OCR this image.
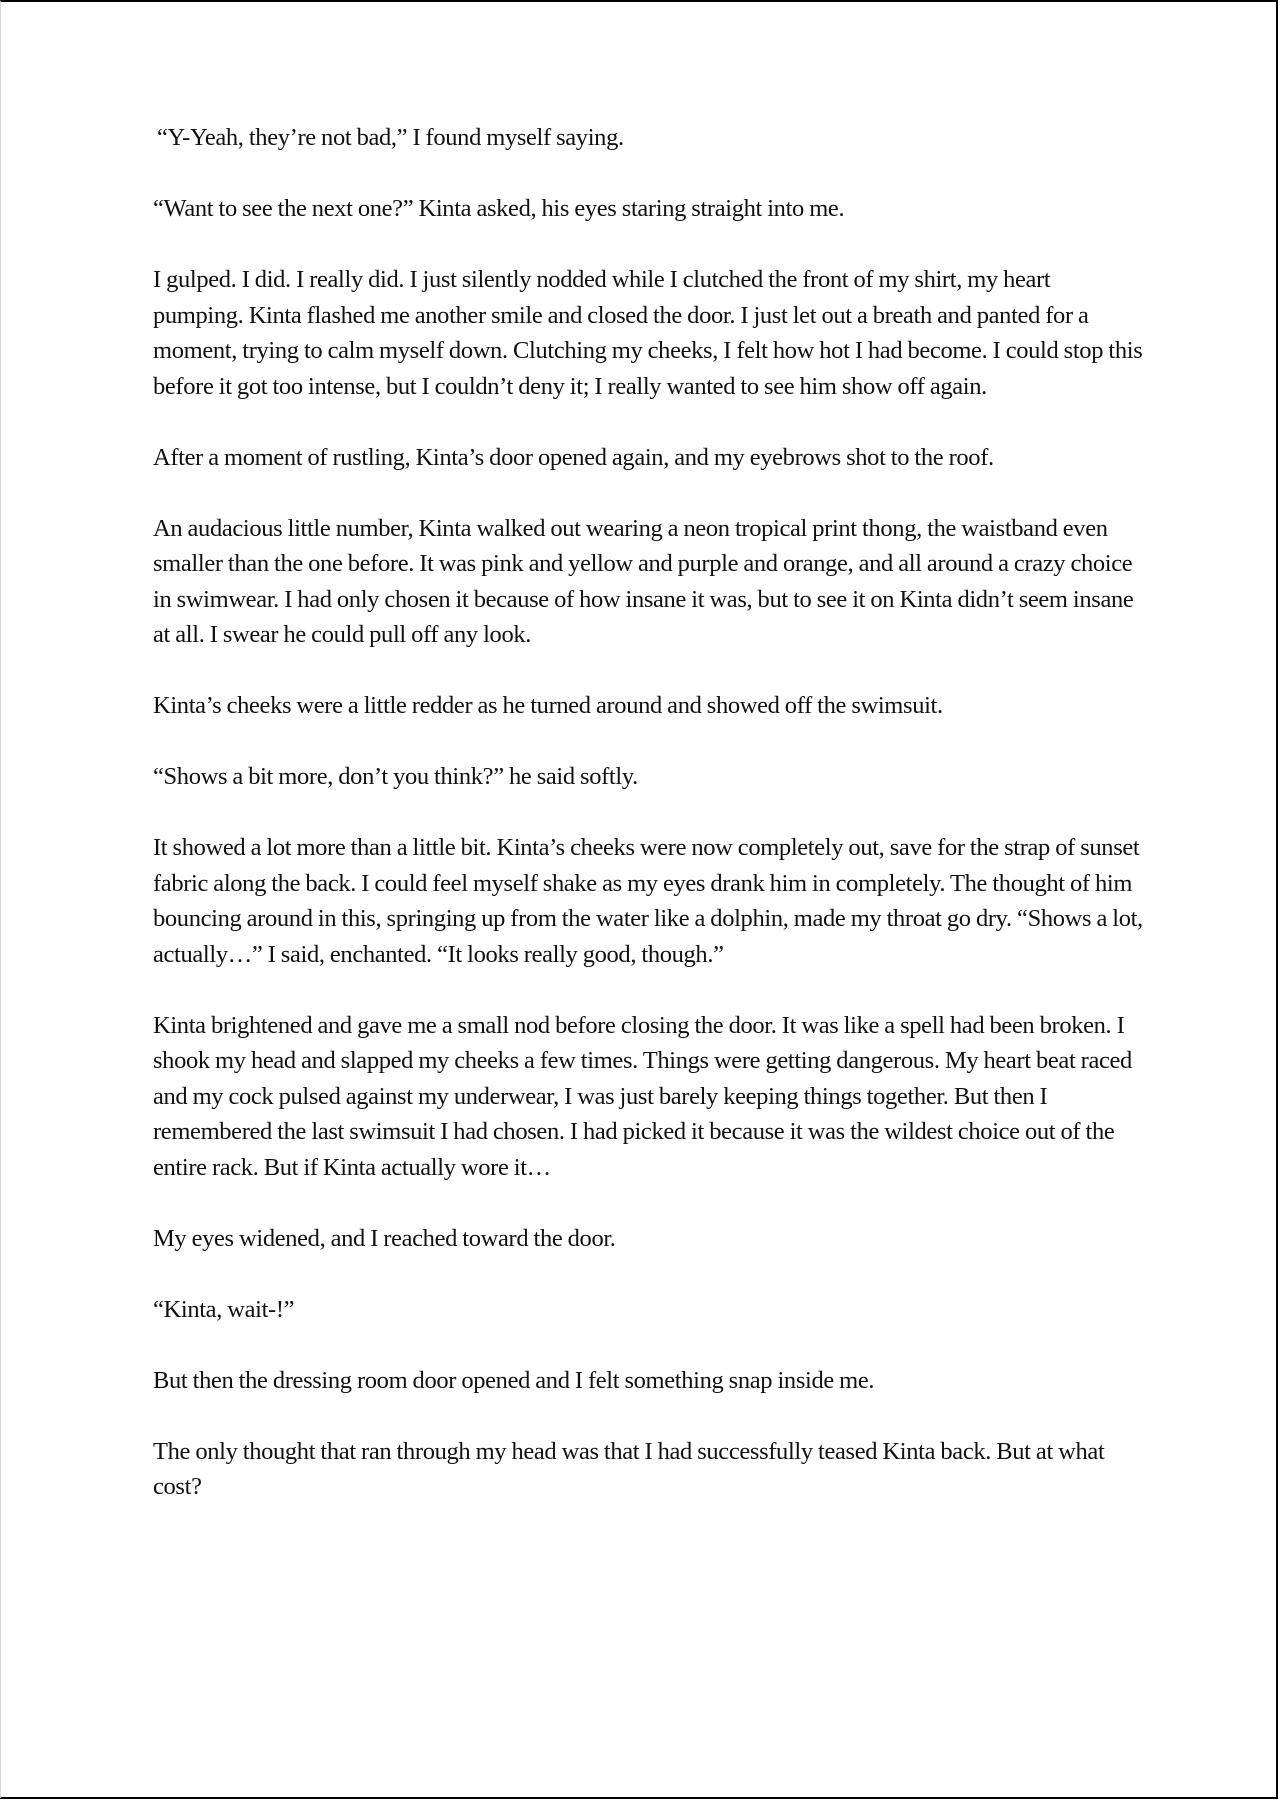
“Y-Yeah, they’re not bad,” I found myself saying.

“Want to see the next one?” Kinta asked, his eyes staring straight into me.

I gulped. I did. I really did. I just silently nodded while I clutched the front of my shirt, my heart pumping. Kinta flashed me another smile and closed the door. I just let out a breath and panted for a moment, trying to calm myself down. Clutching my cheeks, I felt how hot I had become. I could stop this before it got too intense, but I couldn’t deny it; I really wanted to see him show off again.

After a moment of rustling, Kinta’s door opened again, and my eyebrows shot to the roof.

An audacious little number, Kinta walked out wearing a neon tropical print thong, the waistband even smaller than the one before. It was pink and yellow and purple and orange, and all around a crazy choice in swimwear. I had only chosen it because of how insane it was, but to see it on Kinta didn’t seem insane at all. I swear he could pull off any look.

Kinta’s cheeks were a little redder as he turned around and showed off the swimsuit.

“Shows a bit more, don’t you think?” he said softly.

It showed a lot more than a little bit. Kinta’s cheeks were now completely out, save for the strap of sunset fabric along the back. I could feel myself shake as my eyes drank him in completely. The thought of him bouncing around in this, springing up from the water like a dolphin, made my throat go dry. “Shows a lot, actually…” I said, enchanted. “It looks really good, though.”

Kinta brightened and gave me a small nod before closing the door. It was like a spell had been broken. I shook my head and slapped my cheeks a few times. Things were getting dangerous. My heart beat raced and my cock pulsed against my underwear, I was just barely keeping things together. But then I remembered the last swimsuit I had chosen. I had picked it because it was the wildest choice out of the entire rack. But if Kinta actually wore it…

My eyes widened, and I reached toward the door.

“Kinta, wait-!”

But then the dressing room door opened and I felt something snap inside me.

The only thought that ran through my head was that I had successfully teased Kinta back. But at what cost?
